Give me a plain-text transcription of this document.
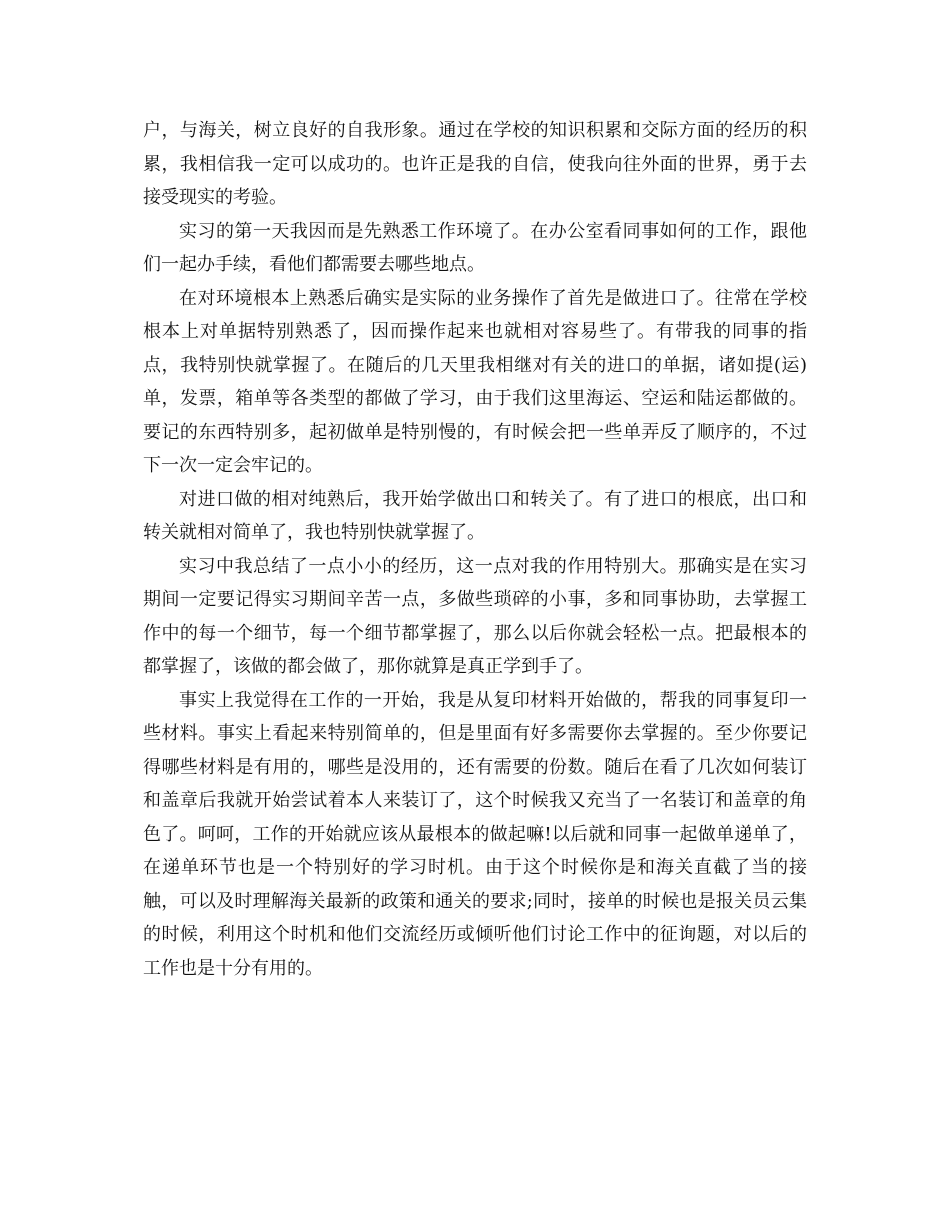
户，与海关，树立良好的自我形象。通过在学校的知识积累和交际方面的经历的积累，我相信我一定可以成功的。也许正是我的自信，使我向往外面的世界，勇于去接受现实的考验。

实习的第一天我因而是先熟悉工作环境了。在办公室看同事如何的工作，跟他们一起办手续，看他们都需要去哪些地点。

在对环境根本上熟悉后确实是实际的业务操作了首先是做进口了。往常在学校根本上对单据特别熟悉了，因而操作起来也就相对容易些了。有带我的同事的指点，我特别快就掌握了。在随后的几天里我相继对有关的进口的单据，诸如提(运)单，发票，箱单等各类型的都做了学习，由于我们这里海运、空运和陆运都做的。要记的东西特别多，起初做单是特别慢的，有时候会把一些单弄反了顺序的，不过下一次一定会牢记的。

对进口做的相对纯熟后，我开始学做出口和转关了。有了进口的根底，出口和转关就相对简单了，我也特别快就掌握了。

实习中我总结了一点小小的经历，这一点对我的作用特别大。那确实是在实习期间一定要记得实习期间辛苦一点，多做些琐碎的小事，多和同事协助，去掌握工作中的每一个细节，每一个细节都掌握了，那么以后你就会轻松一点。把最根本的都掌握了，该做的都会做了，那你就算是真正学到手了。

事实上我觉得在工作的一开始，我是从复印材料开始做的，帮我的同事复印一些材料。事实上看起来特别简单的，但是里面有好多需要你去掌握的。至少你要记得哪些材料是有用的，哪些是没用的，还有需要的份数。随后在看了几次如何装订和盖章后我就开始尝试着本人来装订了，这个时候我又充当了一名装订和盖章的角色了。呵呵，工作的开始就应该从最根本的做起嘛!以后就和同事一起做单递单了，在递单环节也是一个特别好的学习时机。由于这个时候你是和海关直截了当的接触，可以及时理解海关最新的政策和通关的要求;同时，接单的时候也是报关员云集的时候，利用这个时机和他们交流经历或倾听他们讨论工作中的征询题，对以后的工作也是十分有用的。
